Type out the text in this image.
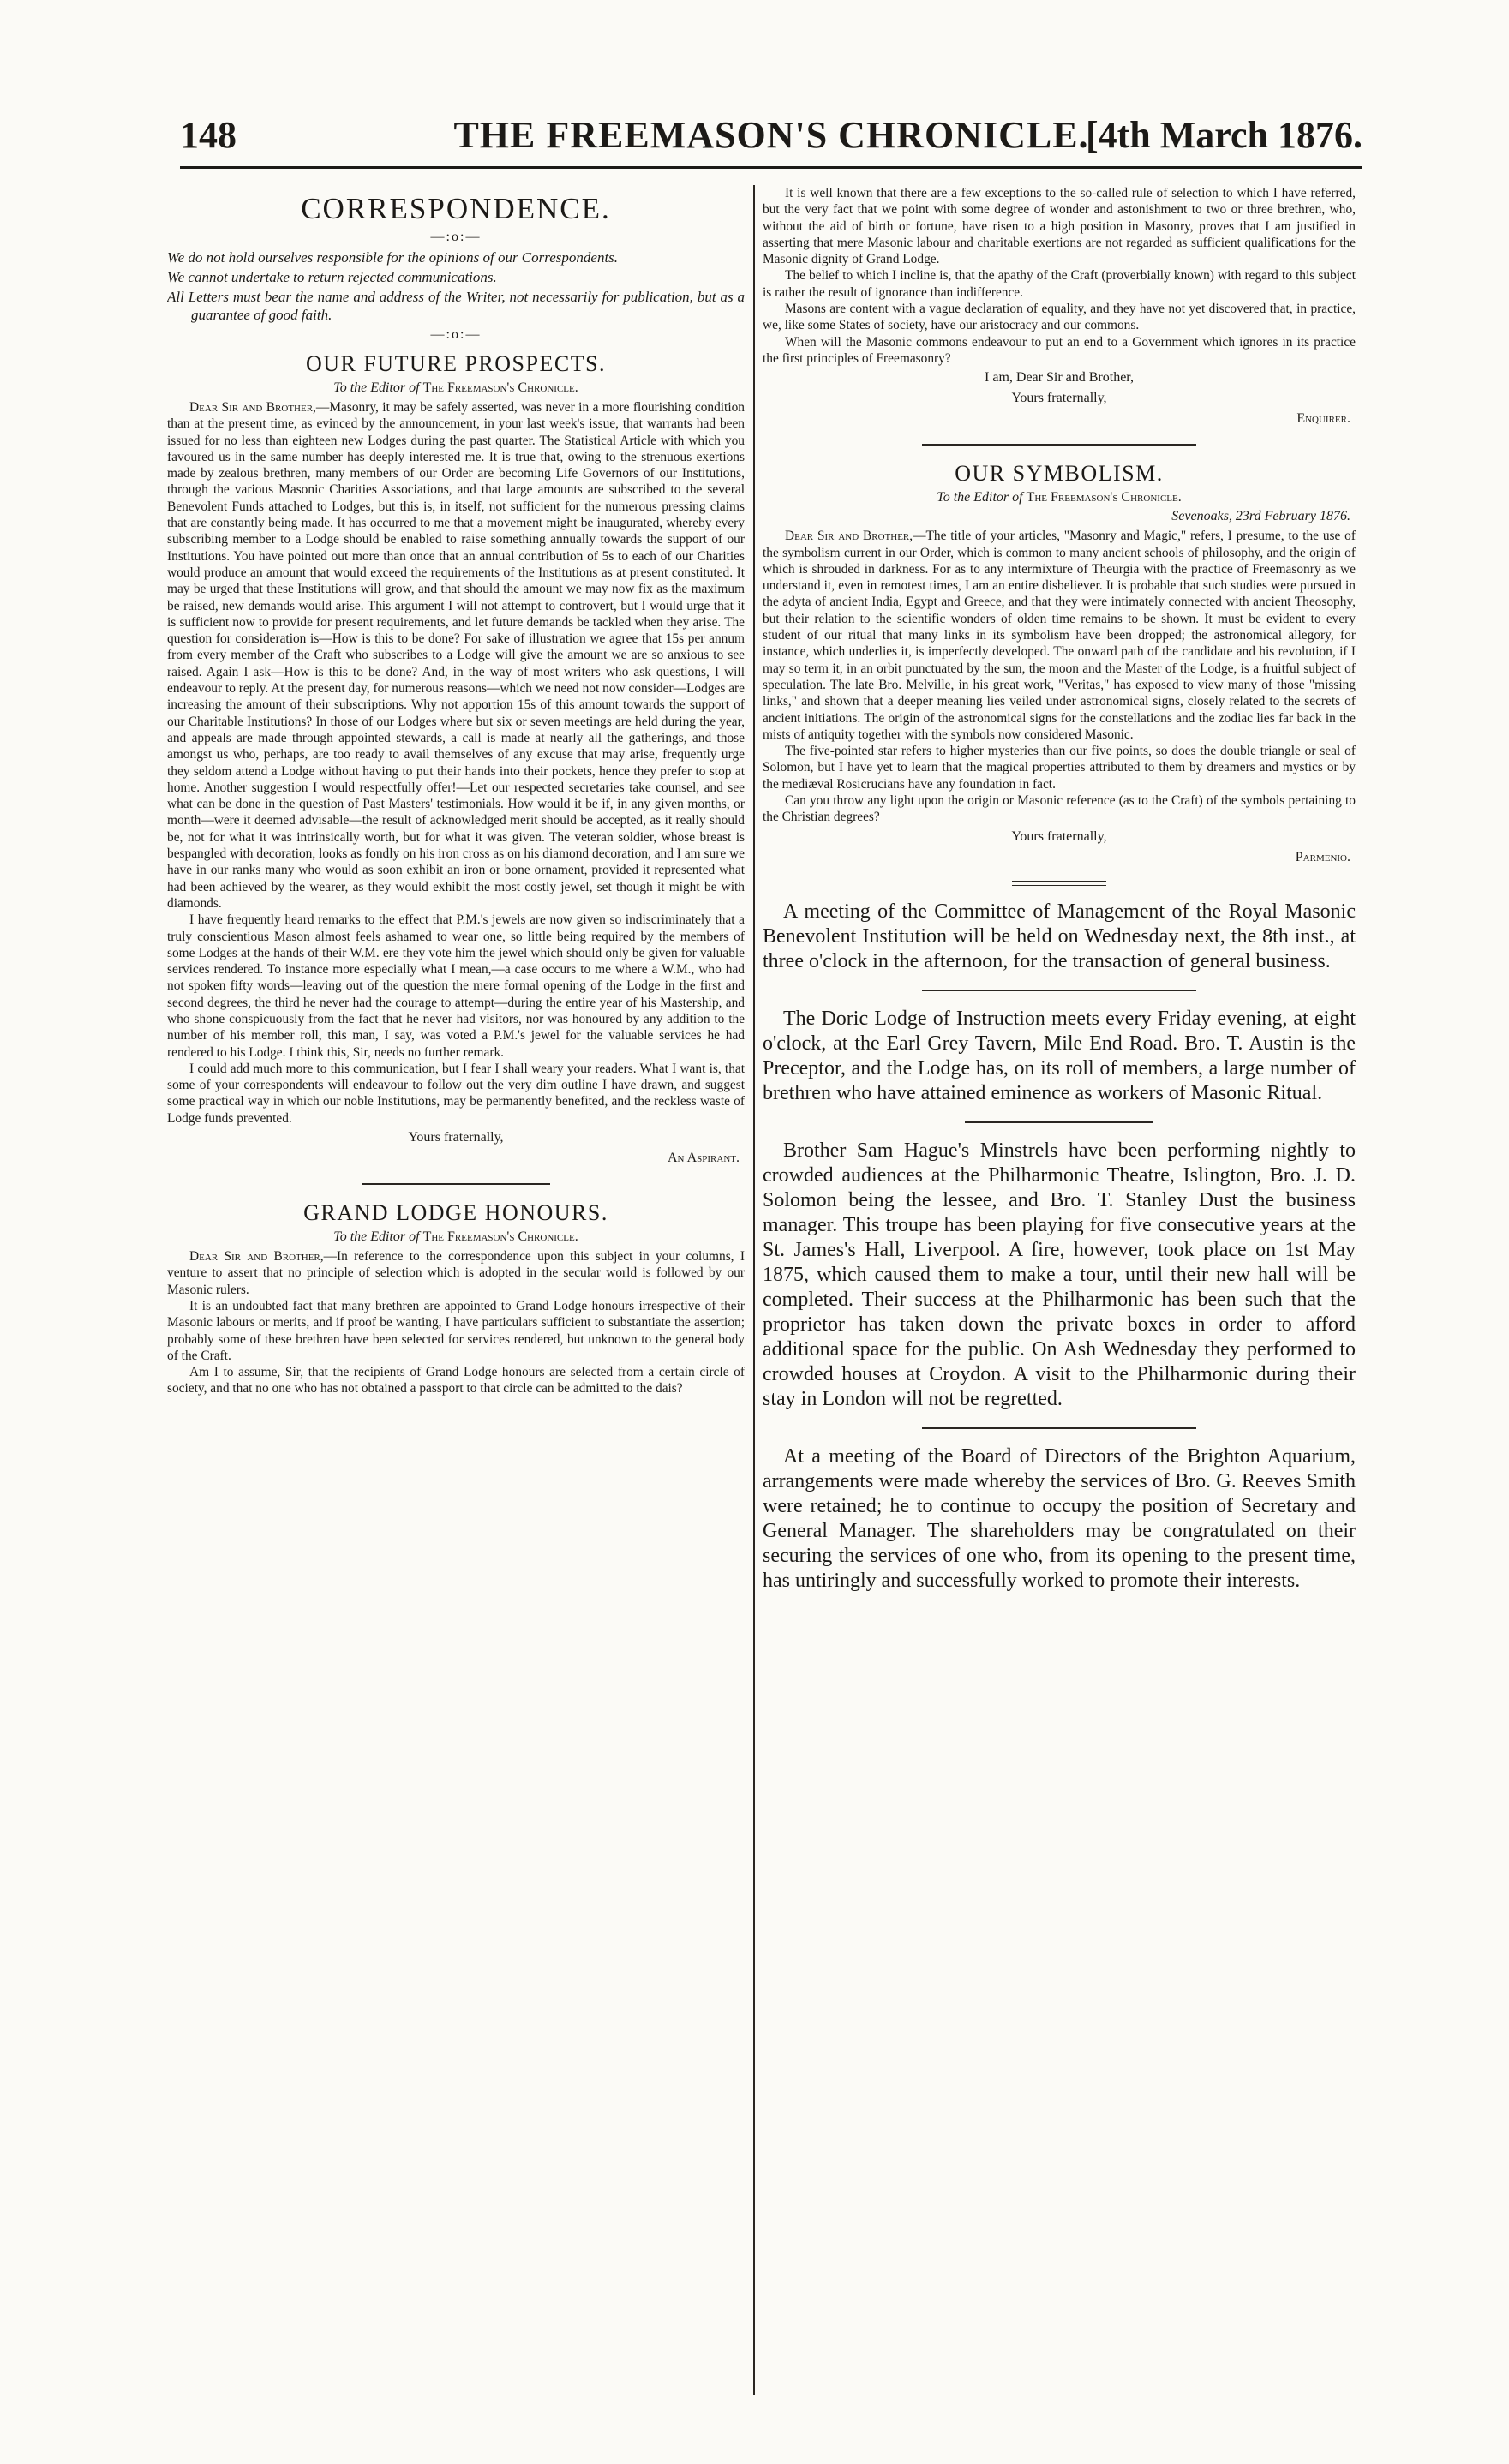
148	THE FREEMASON'S CHRONICLE.
[4th March 1876.
CORRESPONDENCE.
—:o:—

We do not hold ourselves responsible for the opinions of our Correspondents.

We cannot undertake to return rejected communications.

All Letters must bear the name and address of the Writer, not necessarily for publication, but as a guarantee of good faith.

—:o:—
OUR FUTURE PROSPECTS.
To the Editor of The Freemason's Chronicle.

Dear Sir and Brother,—Masonry, it may be safely asserted, was never in a more flourishing condition than at the present time, as evinced by the announcement, in your last week's issue, that warrants had been issued for no less than eighteen new Lodges during the past quarter. The Statistical Article with which you favoured us in the same number has deeply interested me. It is true that, owing to the strenuous exertions made by zealous brethren, many members of our Order are becoming Life Governors of our Institutions, through the various Masonic Charities Associations, and that large amounts are subscribed to the several Benevolent Funds attached to Lodges, but this is, in itself, not sufficient for the numerous pressing claims that are constantly being made. It has occurred to me that a movement might be inaugurated, whereby every subscribing member to a Lodge should be enabled to raise something annually towards the support of our Institutions. You have pointed out more than once that an annual contribution of 5s to each of our Charities would produce an amount that would exceed the requirements of the Institutions as at present constituted. It may be urged that these Institutions will grow, and that should the amount we may now fix as the maximum be raised, new demands would arise. This argument I will not attempt to controvert, but I would urge that it is sufficient now to provide for present requirements, and let future demands be tackled when they arise. The question for consideration is—How is this to be done? For sake of illustration we agree that 15s per annum from every member of the Craft who subscribes to a Lodge will give the amount we are so anxious to see raised. Again I ask—How is this to be done? And, in the way of most writers who ask questions, I will endeavour to reply. At the present day, for numerous reasons—which we need not now consider—Lodges are increasing the amount of their subscriptions. Why not apportion 15s of this amount towards the support of our Charitable Institutions? In those of our Lodges where but six or seven meetings are held during the year, and appeals are made through appointed stewards, a call is made at nearly all the gatherings, and those amongst us who, perhaps, are too ready to avail themselves of any excuse that may arise, frequently urge they seldom attend a Lodge without having to put their hands into their pockets, hence they prefer to stop at home. Another suggestion I would respectfully offer!—Let our respected secretaries take counsel, and see what can be done in the question of Past Masters' testimonials. How would it be if, in any given months, or month—were it deemed advisable—the result of acknowledged merit should be accepted, as it really should be, not for what it was intrinsically worth, but for what it was given. The veteran soldier, whose breast is bespangled with decoration, looks as fondly on his iron cross as on his diamond decoration, and I am sure we have in our ranks many who would as soon exhibit an iron or bone ornament, provided it represented what had been achieved by the wearer, as they would exhibit the most costly jewel, set though it might be with diamonds.

I have frequently heard remarks to the effect that P.M.'s jewels are now given so indiscriminately that a truly conscientious Mason almost feels ashamed to wear one, so little being required by the members of some Lodges at the hands of their W.M. ere they vote him the jewel which should only be given for valuable services rendered. To instance more especially what I mean,—a case occurs to me where a W.M., who had not spoken fifty words—leaving out of the question the mere formal opening of the Lodge in the first and second degrees, the third he never had the courage to attempt—during the entire year of his Mastership, and who shone conspicuously from the fact that he never had visitors, nor was honoured by any addition to the number of his member roll, this man, I say, was voted a P.M.'s jewel for the valuable services he had rendered to his Lodge. I think this, Sir, needs no further remark.

I could add much more to this communication, but I fear I shall weary your readers. What I want is, that some of your correspondents will endeavour to follow out the very dim outline I have drawn, and suggest some practical way in which our noble Institutions, may be permanently benefited, and the reckless waste of Lodge funds prevented.

Yours fraternally,
An Aspirant.
GRAND LODGE HONOURS.
To the Editor of The Freemason's Chronicle.

Dear Sir and Brother,—In reference to the correspondence upon this subject in your columns, I venture to assert that no principle of selection which is adopted in the secular world is followed by our Masonic rulers.

It is an undoubted fact that many brethren are appointed to Grand Lodge honours irrespective of their Masonic labours or merits, and if proof be wanting, I have particulars sufficient to substantiate the assertion; probably some of these brethren have been selected for services rendered, but unknown to the general body of the Craft.

Am I to assume, Sir, that the recipients of Grand Lodge honours are selected from a certain circle of society, and that no one who has not obtained a passport to that circle can be admitted to the dais?

It is well known that there are a few exceptions to the so-called rule of selection to which I have referred, but the very fact that we point with some degree of wonder and astonishment to two or three brethren, who, without the aid of birth or fortune, have risen to a high position in Masonry, proves that I am justified in asserting that mere Masonic labour and charitable exertions are not regarded as sufficient qualifications for the Masonic dignity of Grand Lodge.

The belief to which I incline is, that the apathy of the Craft (proverbially known) with regard to this subject is rather the result of ignorance than indifference.

Masons are content with a vague declaration of equality, and they have not yet discovered that, in practice, we, like some States of society, have our aristocracy and our commons.

When will the Masonic commons endeavour to put an end to a Government which ignores in its practice the first principles of Freemasonry?

I am, Dear Sir and Brother,
Yours fraternally,
Enquirer.
OUR SYMBOLISM.
To the Editor of The Freemason's Chronicle.
Sevenoaks, 23rd February 1876.

Dear Sir and Brother,—The title of your articles, "Masonry and Magic," refers, I presume, to the use of the symbolism current in our Order, which is common to many ancient schools of philosophy, and the origin of which is shrouded in darkness. For as to any intermixture of Theurgia with the practice of Freemasonry as we understand it, even in remotest times, I am an entire disbeliever. It is probable that such studies were pursued in the adyta of ancient India, Egypt and Greece, and that they were intimately connected with ancient Theosophy, but their relation to the scientific wonders of olden time remains to be shown. It must be evident to every student of our ritual that many links in its symbolism have been dropped; the astronomical allegory, for instance, which underlies it, is imperfectly developed. The onward path of the candidate and his revolution, if I may so term it, in an orbit punctuated by the sun, the moon and the Master of the Lodge, is a fruitful subject of speculation. The late Bro. Melville, in his great work, "Veritas," has exposed to view many of those "missing links," and shown that a deeper meaning lies veiled under astronomical signs, closely related to the secrets of ancient initiations. The origin of the astronomical signs for the constellations and the zodiac lies far back in the mists of antiquity together with the symbols now considered Masonic.

The five-pointed star refers to higher mysteries than our five points, so does the double triangle or seal of Solomon, but I have yet to learn that the magical properties attributed to them by dreamers and mystics or by the mediæval Rosicrucians have any foundation in fact.

Can you throw any light upon the origin or Masonic reference (as to the Craft) of the symbols pertaining to the Christian degrees?

Yours fraternally,
Parmenio.

A meeting of the Committee of Management of the Royal Masonic Benevolent Institution will be held on Wednesday next, the 8th inst., at three o'clock in the afternoon, for the transaction of general business.

The Doric Lodge of Instruction meets every Friday evening, at eight o'clock, at the Earl Grey Tavern, Mile End Road. Bro. T. Austin is the Preceptor, and the Lodge has, on its roll of members, a large number of brethren who have attained eminence as workers of Masonic Ritual.

Brother Sam Hague's Minstrels have been performing nightly to crowded audiences at the Philharmonic Theatre, Islington, Bro. J. D. Solomon being the lessee, and Bro. T. Stanley Dust the business manager. This troupe has been playing for five consecutive years at the St. James's Hall, Liverpool. A fire, however, took place on 1st May 1875, which caused them to make a tour, until their new hall will be completed. Their success at the Philharmonic has been such that the proprietor has taken down the private boxes in order to afford additional space for the public. On Ash Wednesday they performed to crowded houses at Croydon. A visit to the Philharmonic during their stay in London will not be regretted.

At a meeting of the Board of Directors of the Brighton Aquarium, arrangements were made whereby the services of Bro. G. Reeves Smith were retained; he to continue to occupy the position of Secretary and General Manager. The shareholders may be congratulated on their securing the services of one who, from its opening to the present time, has untiringly and successfully worked to promote their interests.
